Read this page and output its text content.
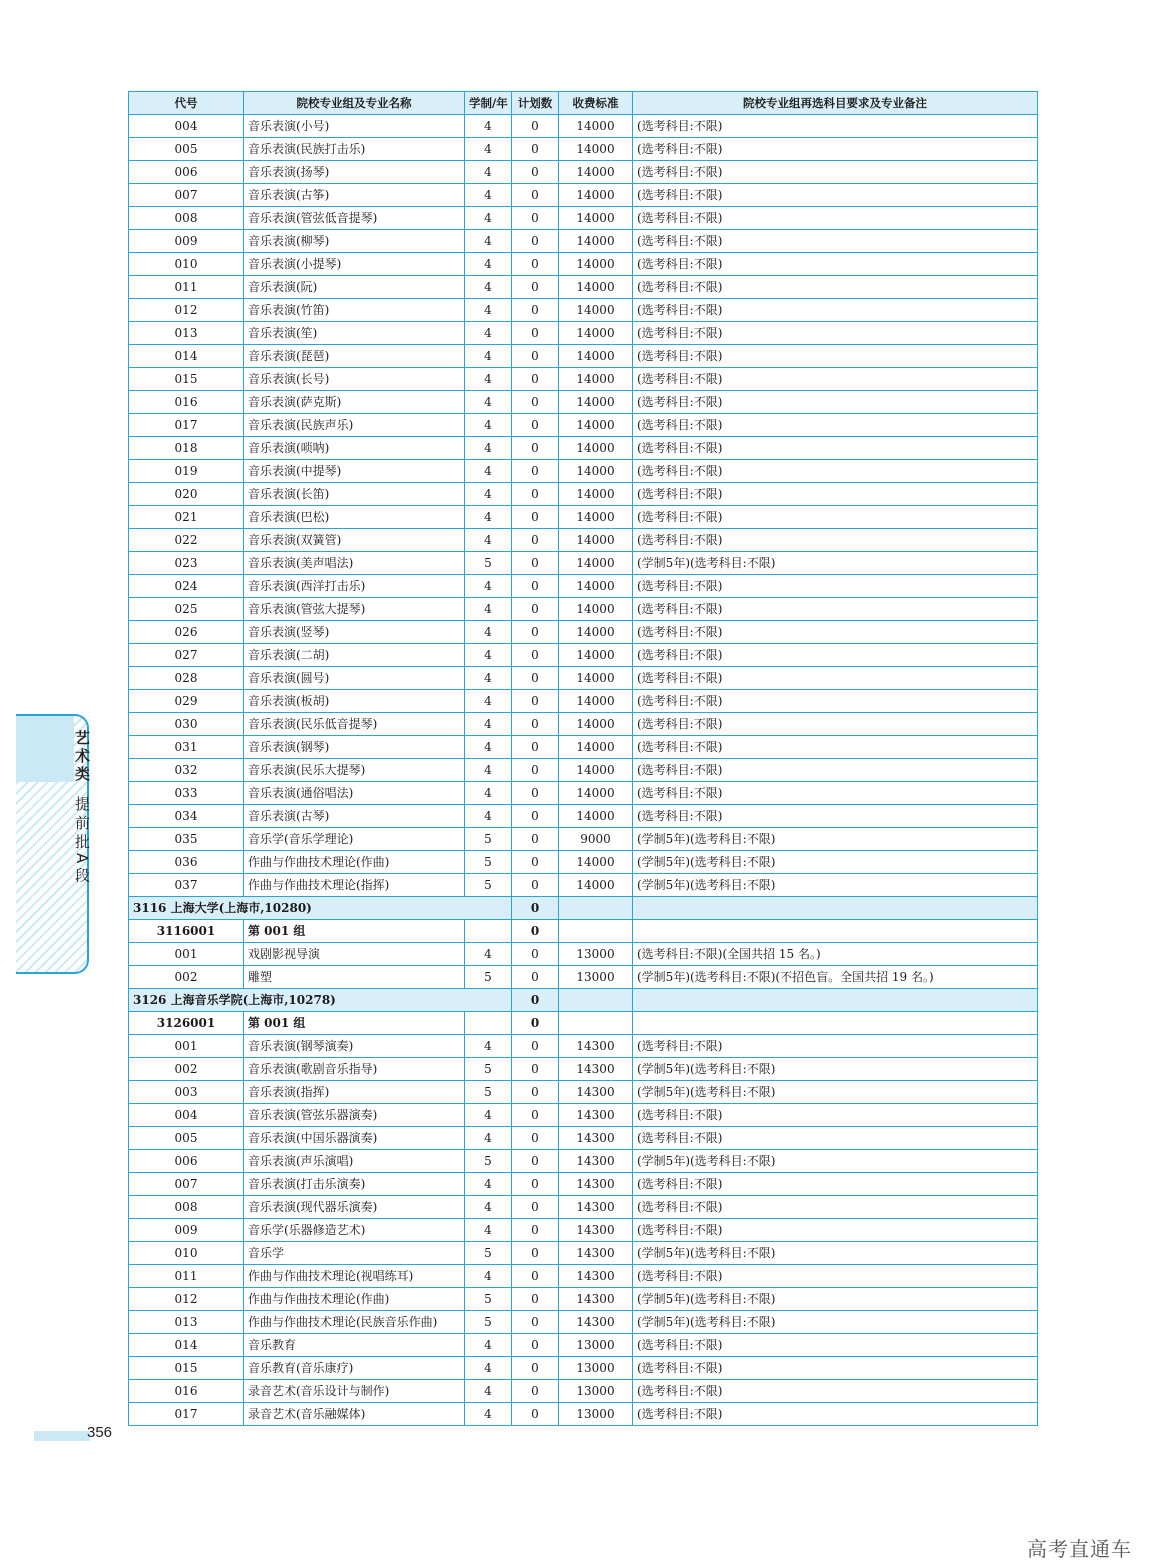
代号	院校专业组及专业名称	学制/年	计划数	收费标准	院校专业组再选科目要求及专业备注
004	音乐表演(小号)	4	0	14000	(选考科目:不限)
005	音乐表演(民族打击乐)	4	0	14000	(选考科目:不限)
006	音乐表演(扬琴)	4	0	14000	(选考科目:不限)
007	音乐表演(古筝)	4	0	14000	(选考科目:不限)
008	音乐表演(管弦低音提琴)	4	0	14000	(选考科目:不限)
009	音乐表演(柳琴)	4	0	14000	(选考科目:不限)
010	音乐表演(小提琴)	4	0	14000	(选考科目:不限)
011	音乐表演(阮)	4	0	14000	(选考科目:不限)
012	音乐表演(竹笛)	4	0	14000	(选考科目:不限)
013	音乐表演(笙)	4	0	14000	(选考科目:不限)
014	音乐表演(琵琶)	4	0	14000	(选考科目:不限)
015	音乐表演(长号)	4	0	14000	(选考科目:不限)
016	音乐表演(萨克斯)	4	0	14000	(选考科目:不限)
017	音乐表演(民族声乐)	4	0	14000	(选考科目:不限)
018	音乐表演(唢呐)	4	0	14000	(选考科目:不限)
019	音乐表演(中提琴)	4	0	14000	(选考科目:不限)
020	音乐表演(长笛)	4	0	14000	(选考科目:不限)
021	音乐表演(巴松)	4	0	14000	(选考科目:不限)
022	音乐表演(双簧管)	4	0	14000	(选考科目:不限)
023	音乐表演(美声唱法)	5	0	14000	(学制5年)(选考科目:不限)
024	音乐表演(西洋打击乐)	4	0	14000	(选考科目:不限)
025	音乐表演(管弦大提琴)	4	0	14000	(选考科目:不限)
026	音乐表演(竖琴)	4	0	14000	(选考科目:不限)
027	音乐表演(二胡)	4	0	14000	(选考科目:不限)
028	音乐表演(圆号)	4	0	14000	(选考科目:不限)
029	音乐表演(板胡)	4	0	14000	(选考科目:不限)
030	音乐表演(民乐低音提琴)	4	0	14000	(选考科目:不限)
031	音乐表演(钢琴)	4	0	14000	(选考科目:不限)
032	音乐表演(民乐大提琴)	4	0	14000	(选考科目:不限)
033	音乐表演(通俗唱法)	4	0	14000	(选考科目:不限)
034	音乐表演(古琴)	4	0	14000	(选考科目:不限)
035	音乐学(音乐学理论)	5	0	9000	(学制5年)(选考科目:不限)
036	作曲与作曲技术理论(作曲)	5	0	14000	(学制5年)(选考科目:不限)
037	作曲与作曲技术理论(指挥)	5	0	14000	(学制5年)(选考科目:不限)
3116 上海大学(上海市,10280)			0		
3116001	第 001 组		0		
001	戏剧影视导演	4	0	13000	(选考科目:不限)(全国共招 15 名。)
002	雕塑	5	0	13000	(学制5年)(选考科目:不限)(不招色盲。全国共招 19 名。)
3126 上海音乐学院(上海市,10278)			0		
3126001	第 001 组		0		
001	音乐表演(钢琴演奏)	4	0	14300	(选考科目:不限)
002	音乐表演(歌剧音乐指导)	5	0	14300	(学制5年)(选考科目:不限)
003	音乐表演(指挥)	5	0	14300	(学制5年)(选考科目:不限)
004	音乐表演(管弦乐器演奏)	4	0	14300	(选考科目:不限)
005	音乐表演(中国乐器演奏)	4	0	14300	(选考科目:不限)
006	音乐表演(声乐演唱)	5	0	14300	(学制5年)(选考科目:不限)
007	音乐表演(打击乐演奏)	4	0	14300	(选考科目:不限)
008	音乐表演(现代器乐演奏)	4	0	14300	(选考科目:不限)
009	音乐学(乐器修造艺术)	4	0	14300	(选考科目:不限)
010	音乐学	5	0	14300	(学制5年)(选考科目:不限)
011	作曲与作曲技术理论(视唱练耳)	4	0	14300	(选考科目:不限)
012	作曲与作曲技术理论(作曲)	5	0	14300	(学制5年)(选考科目:不限)
013	作曲与作曲技术理论(民族音乐作曲)	5	0	14300	(学制5年)(选考科目:不限)
014	音乐教育	4	0	13000	(选考科目:不限)
015	音乐教育(音乐康疗)	4	0	13000	(选考科目:不限)
016	录音艺术(音乐设计与制作)	4	0	13000	(选考科目:不限)
017	录音艺术(音乐融媒体)	4	0	13000	(选考科目:不限)
艺术类
提前批A段
356
高考直通车
